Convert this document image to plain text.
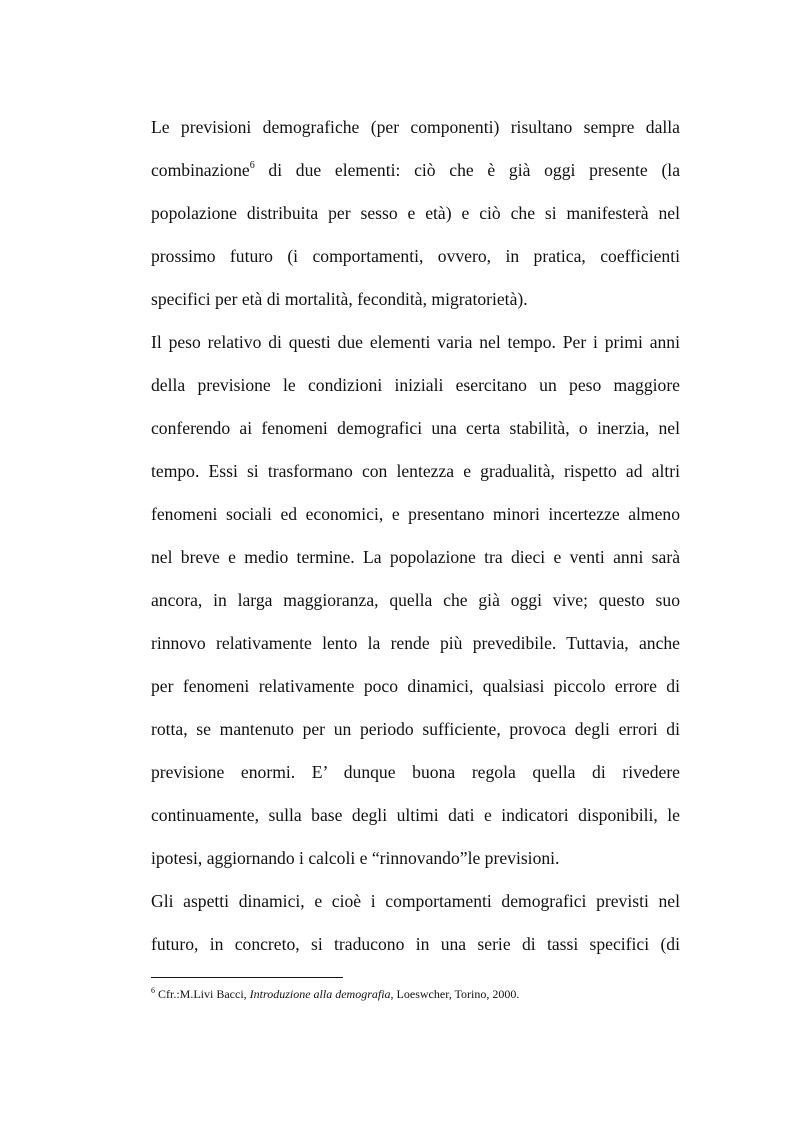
Le previsioni demografiche (per componenti) risultano sempre dalla
combinazione$^6$ di due elementi: ciò che è già oggi presente (la
popolazione distribuita per sesso e età) e ciò che si manifesterà nel
prossimo futuro (i comportamenti, ovvero, in pratica, coefficienti
specifici per età di mortalità, fecondità, migratorietà).
Il peso relativo di questi due elementi varia nel tempo. Per i primi anni
della previsione le condizioni iniziali esercitano un peso maggiore
conferendo ai fenomeni demografici una certa stabilità, o inerzia, nel
tempo. Essi si trasformano con lentezza e gradualità, rispetto ad altri
fenomeni sociali ed economici, e presentano minori incertezze almeno
nel breve e medio termine. La popolazione tra dieci e venti anni sarà
ancora, in larga maggioranza, quella che già oggi vive; questo suo
rinnovo relativamente lento la rende più prevedibile. Tuttavia, anche
per fenomeni relativamente poco dinamici, qualsiasi piccolo errore di
rotta, se mantenuto per un periodo sufficiente, provoca degli errori di
previsione enormi. E’ dunque buona regola quella di rivedere
continuamente, sulla base degli ultimi dati e indicatori disponibili, le
ipotesi, aggiornando i calcoli e “rinnovando”le previsioni.
Gli aspetti dinamici, e cioè i comportamenti demografici previsti nel
futuro, in concreto, si traducono in una serie di tassi specifici (di
$^6$ Cfr.:M.Livi Bacci, Introduzione alla demografia, Loeswcher, Torino, 2000.
